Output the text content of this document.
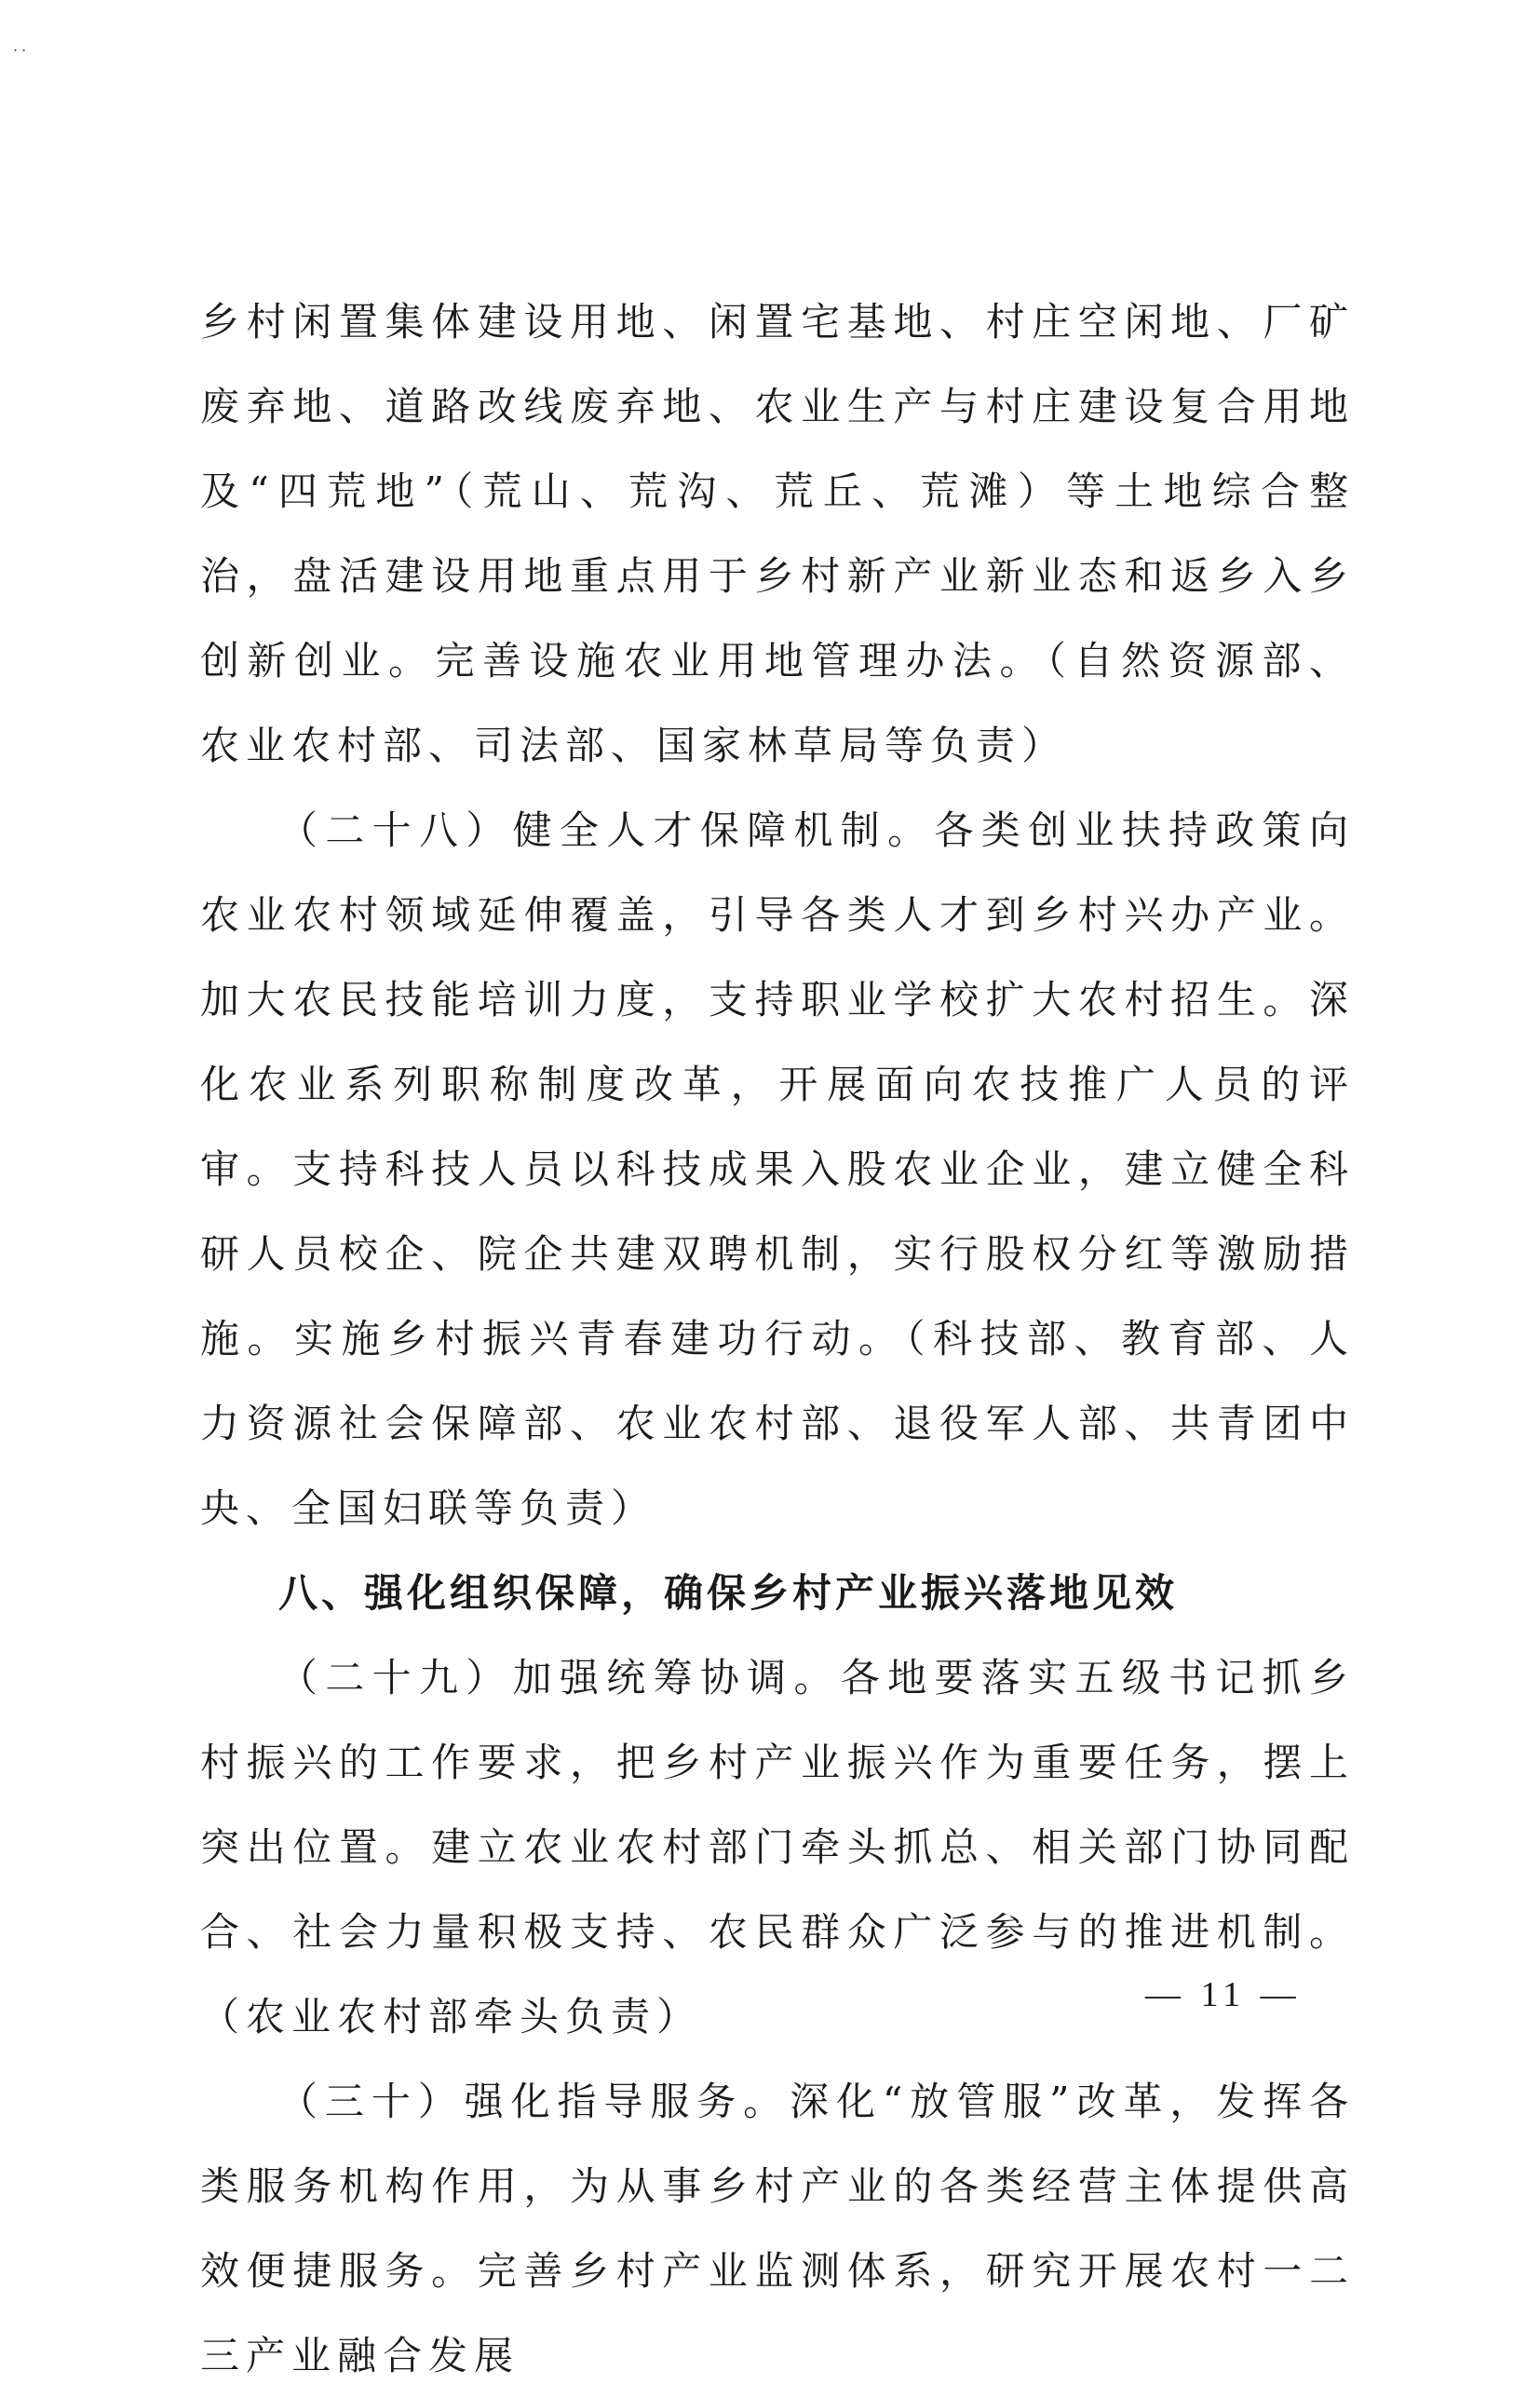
..

乡村闲置集体建设用地、闲置宅基地、村庄空闲地、厂矿废弃地、道路改线废弃地、农业生产与村庄建设复合用地及“四荒地”（荒山、荒沟、荒丘、荒滩）等土地综合整治，盘活建设用地重点用于乡村新产业新业态和返乡入乡创新创业。完善设施农业用地管理办法。（自然资源部、农业农村部、司法部、国家林草局等负责）

（二十八）健全人才保障机制。各类创业扶持政策向农业农村领域延伸覆盖，引导各类人才到乡村兴办产业。加大农民技能培训力度，支持职业学校扩大农村招生。深化农业系列职称制度改革，开展面向农技推广人员的评审。支持科技人员以科技成果入股农业企业，建立健全科研人员校企、院企共建双聘机制，实行股权分红等激励措施。实施乡村振兴青春建功行动。（科技部、教育部、人力资源社会保障部、农业农村部、退役军人部、共青团中央、全国妇联等负责）

八、强化组织保障，确保乡村产业振兴落地见效

（二十九）加强统筹协调。各地要落实五级书记抓乡村振兴的工作要求，把乡村产业振兴作为重要任务，摆上突出位置。建立农业农村部门牵头抓总、相关部门协同配合、社会力量积极支持、农民群众广泛参与的推进机制。（农业农村部牵头负责）

（三十）强化指导服务。深化“放管服”改革，发挥各类服务机构作用，为从事乡村产业的各类经营主体提供高效便捷服务。完善乡村产业监测体系，研究开展农村一二三产业融合发展

— 11 —
